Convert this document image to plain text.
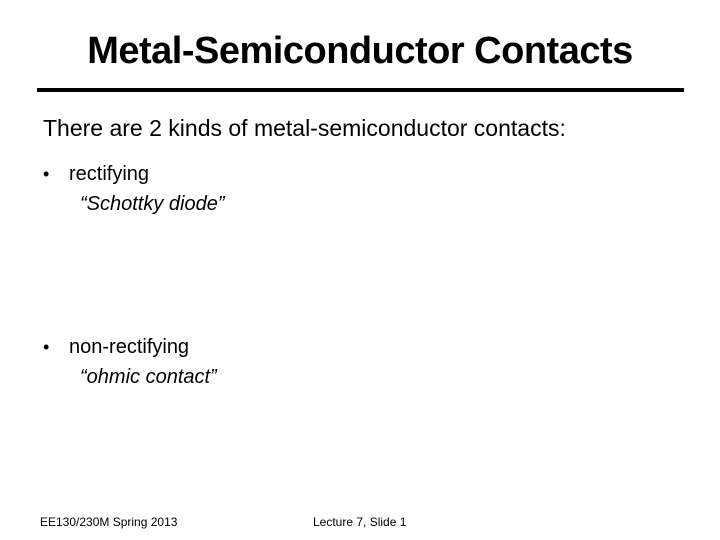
Metal-Semiconductor Contacts
There are 2 kinds of metal-semiconductor contacts:
• rectifying
“Schottky diode”
• non-rectifying
“ohmic contact”
EE130/230M Spring 2013	Lecture 7, Slide 1
